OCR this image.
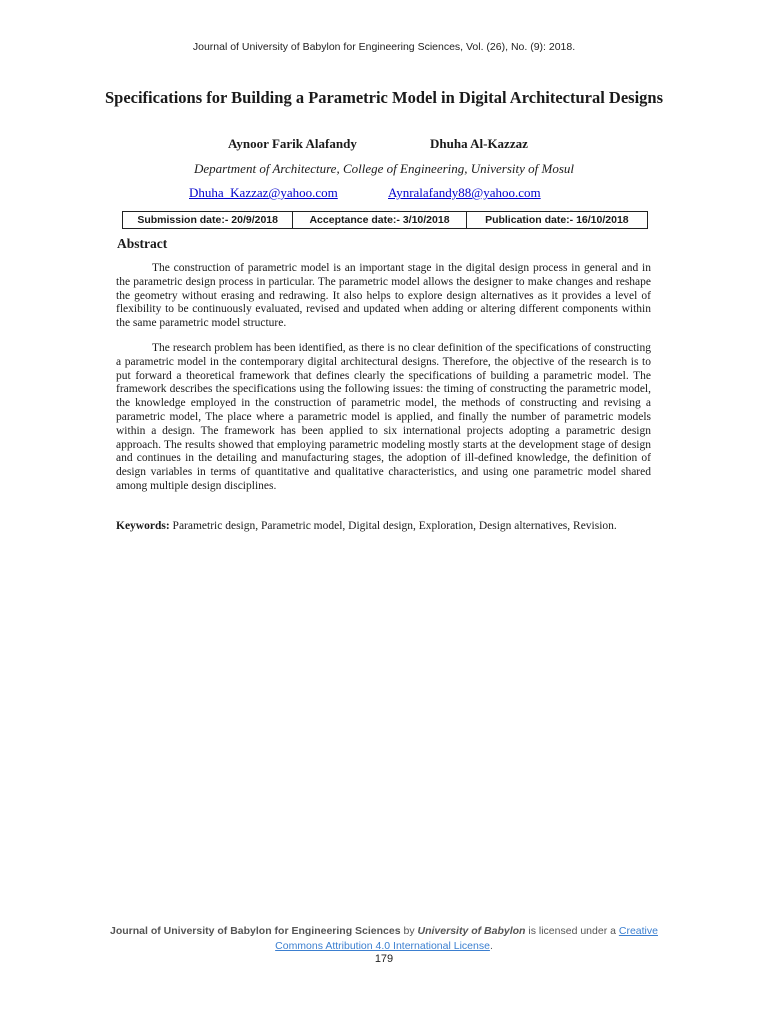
Journal of University of Babylon for Engineering Sciences, Vol. (26), No. (9): 2018.
Specifications for Building a Parametric Model in Digital Architectural Designs
Aynoor Farik Alafandy	Dhuha Al-Kazzaz
Department of Architecture, College of Engineering, University of Mosul
Dhuha_Kazzaz@yahoo.com	Aynralafandy88@yahoo.com
Submission date:- 20/9/2018	Acceptance date:- 3/10/2018	Publication date:- 16/10/2018
Abstract

The construction of parametric model is an important stage in the digital design process in general and in the parametric design process in particular. The parametric model allows the designer to make changes and reshape the geometry without erasing and redrawing. It also helps to explore design alternatives as it provides a level of flexibility to be continuously evaluated, revised and updated when adding or altering different components within the same parametric model structure.

The research problem has been identified, as there is no clear definition of the specifications of constructing a parametric model in the contemporary digital architectural designs. Therefore, the objective of the research is to put forward a theoretical framework that defines clearly the specifications of building a parametric model. The framework describes the specifications using the following issues: the timing of constructing the parametric model, the knowledge employed in the construction of parametric model, the methods of constructing and revising a parametric model, The place where a parametric model is applied, and finally the number of parametric models within a design. The framework has been applied to six international projects adopting a parametric design approach. The results showed that employing parametric modeling mostly starts at the development stage of design and continues in the detailing and manufacturing stages, the adoption of ill-defined knowledge, the definition of design variables in terms of quantitative and qualitative characteristics, and using one parametric model shared among multiple design disciplines.

Keywords: Parametric design, Parametric model, Digital design, Exploration, Design alternatives, Revision.

Journal of University of Babylon for Engineering Sciences by University of Babylon is licensed under a Creative Commons Attribution 4.0 International License.
179
